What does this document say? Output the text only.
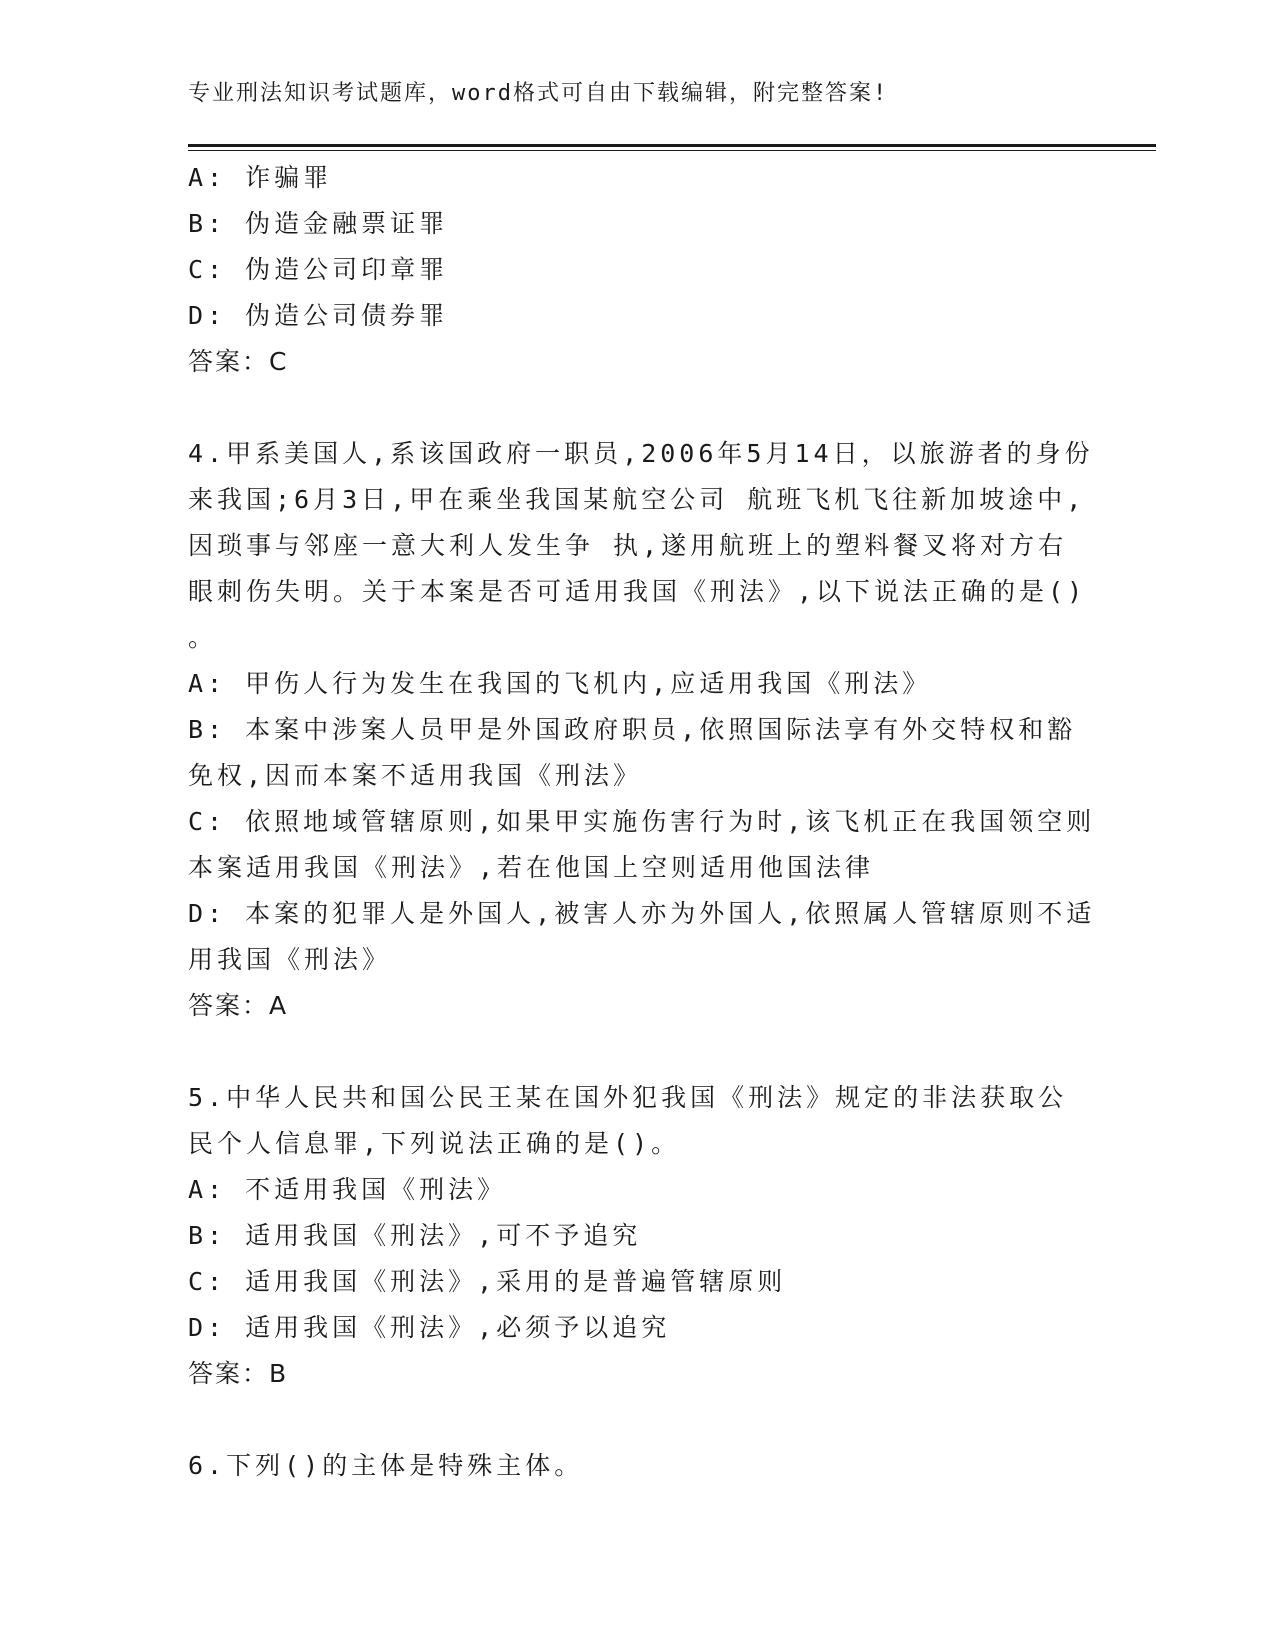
专业刑法知识考试题库，word格式可自由下载编辑，附完整答案!
A: 诈骗罪
B: 伪造金融票证罪
C: 伪造公司印章罪
D: 伪造公司债券罪
答案：C
4.甲系美国人,系该国政府一职员,2006年5月14日，以旅游者的身份
来我国;6月3日,甲在乘坐我国某航空公司 航班飞机飞往新加坡途中,
因琐事与邻座一意大利人发生争 执,遂用航班上的塑料餐叉将对方右
眼刺伤失明。关于本案是否可适用我国《刑法》,以下说法正确的是()
。
A: 甲伤人行为发生在我国的飞机内,应适用我国《刑法》
B: 本案中涉案人员甲是外国政府职员,依照国际法享有外交特权和豁
免权,因而本案不适用我国《刑法》
C: 依照地域管辖原则,如果甲实施伤害行为时,该飞机正在我国领空则
本案适用我国《刑法》,若在他国上空则适用他国法律
D: 本案的犯罪人是外国人,被害人亦为外国人,依照属人管辖原则不适
用我国《刑法》
答案：A
5.中华人民共和国公民王某在国外犯我国《刑法》规定的非法获取公
民个人信息罪,下列说法正确的是()。
A: 不适用我国《刑法》
B: 适用我国《刑法》,可不予追究
C: 适用我国《刑法》,采用的是普遍管辖原则
D: 适用我国《刑法》,必须予以追究
答案：B
6.下列()的主体是特殊主体。
